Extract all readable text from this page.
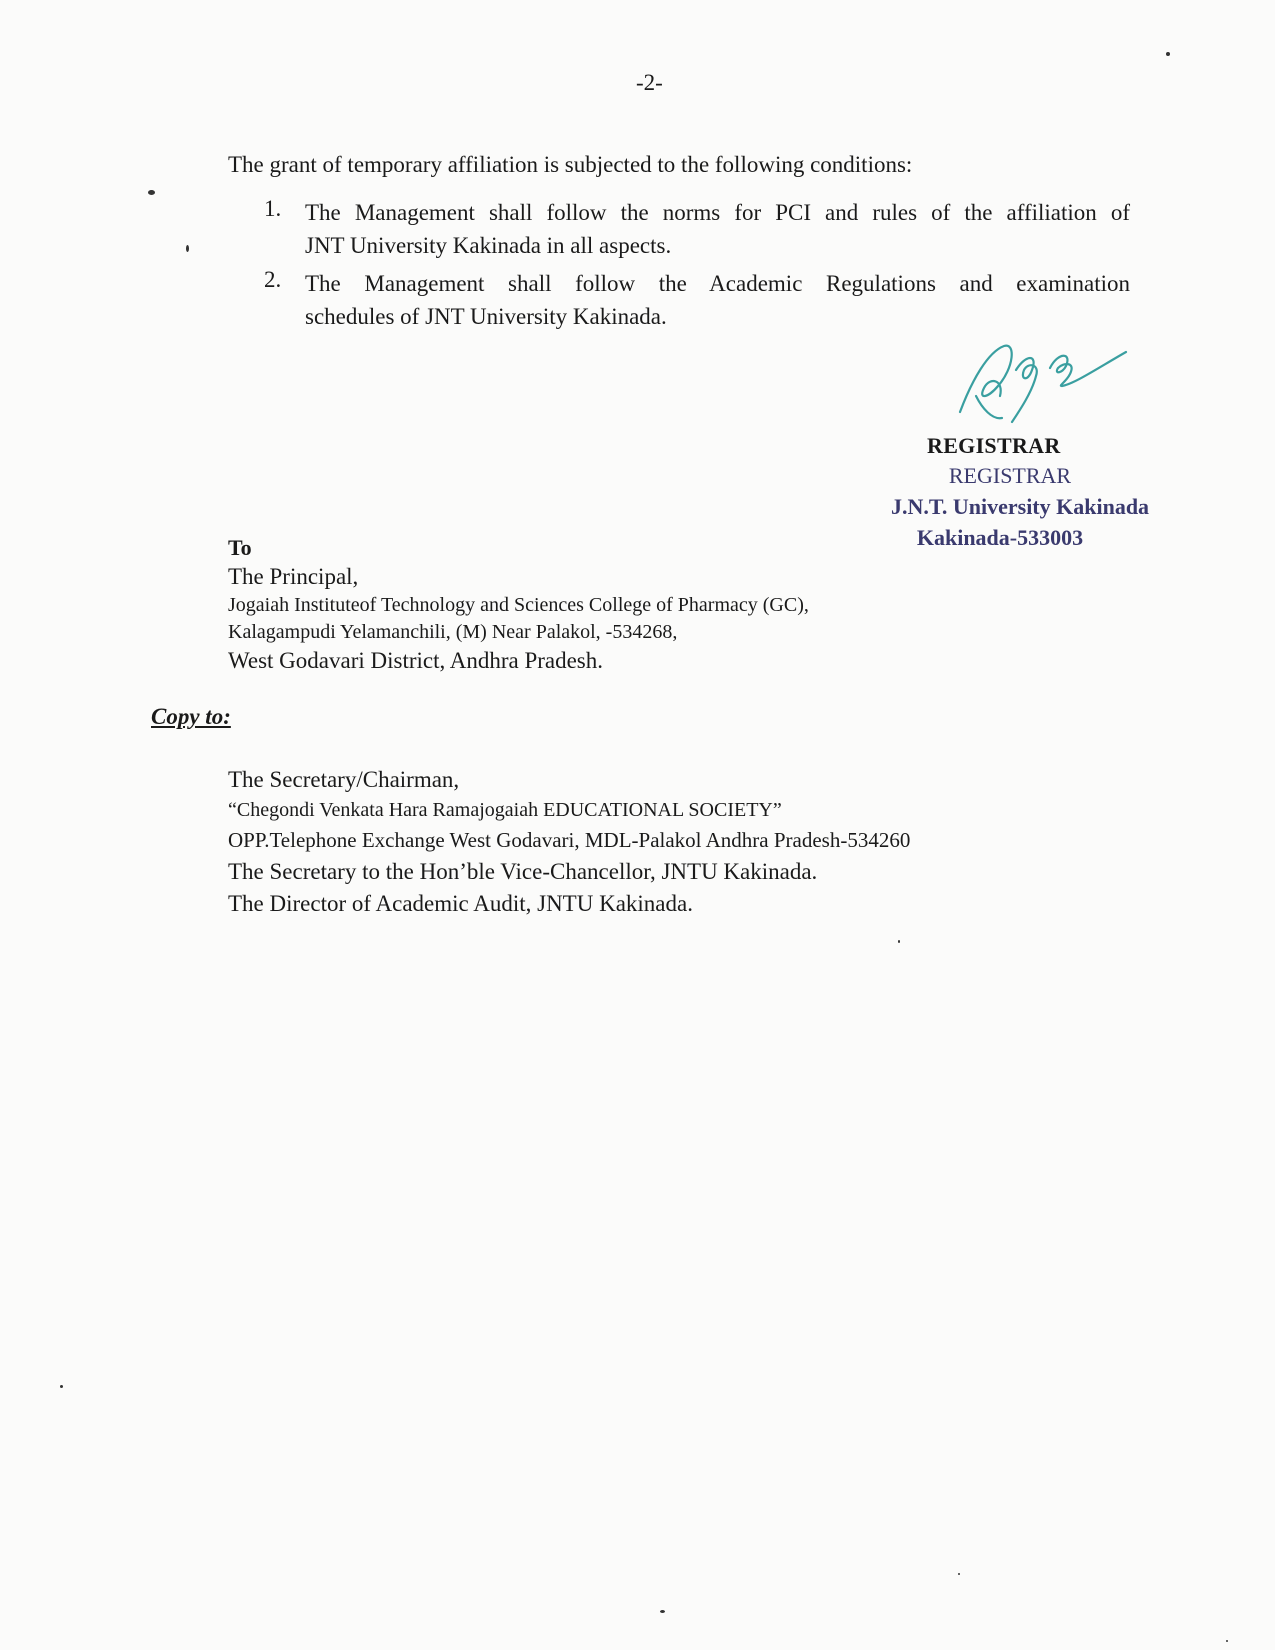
-2-
The grant of temporary affiliation is subjected to the following conditions:
1. The Management shall follow the norms for PCI and rules of the affiliation of
JNT University Kakinada in all aspects.
2. The Management shall follow the Academic Regulations and examination
schedules of JNT University Kakinada.
REGISTRAR
REGISTRAR
J.N.T. University Kakinada
Kakinada-533003
To
The Principal,
Jogaiah Instituteof Technology and Sciences College of Pharmacy (GC),
Kalagampudi Yelamanchili, (M) Near Palakol, -534268,
West Godavari District, Andhra Pradesh.
Copy to:
The Secretary/Chairman,
“Chegondi Venkata Hara Ramajogaiah EDUCATIONAL SOCIETY”
OPP.Telephone Exchange West Godavari, MDL-Palakol Andhra Pradesh-534260
The Secretary to the Hon’ble Vice-Chancellor, JNTU Kakinada.
The Director of Academic Audit, JNTU Kakinada.
